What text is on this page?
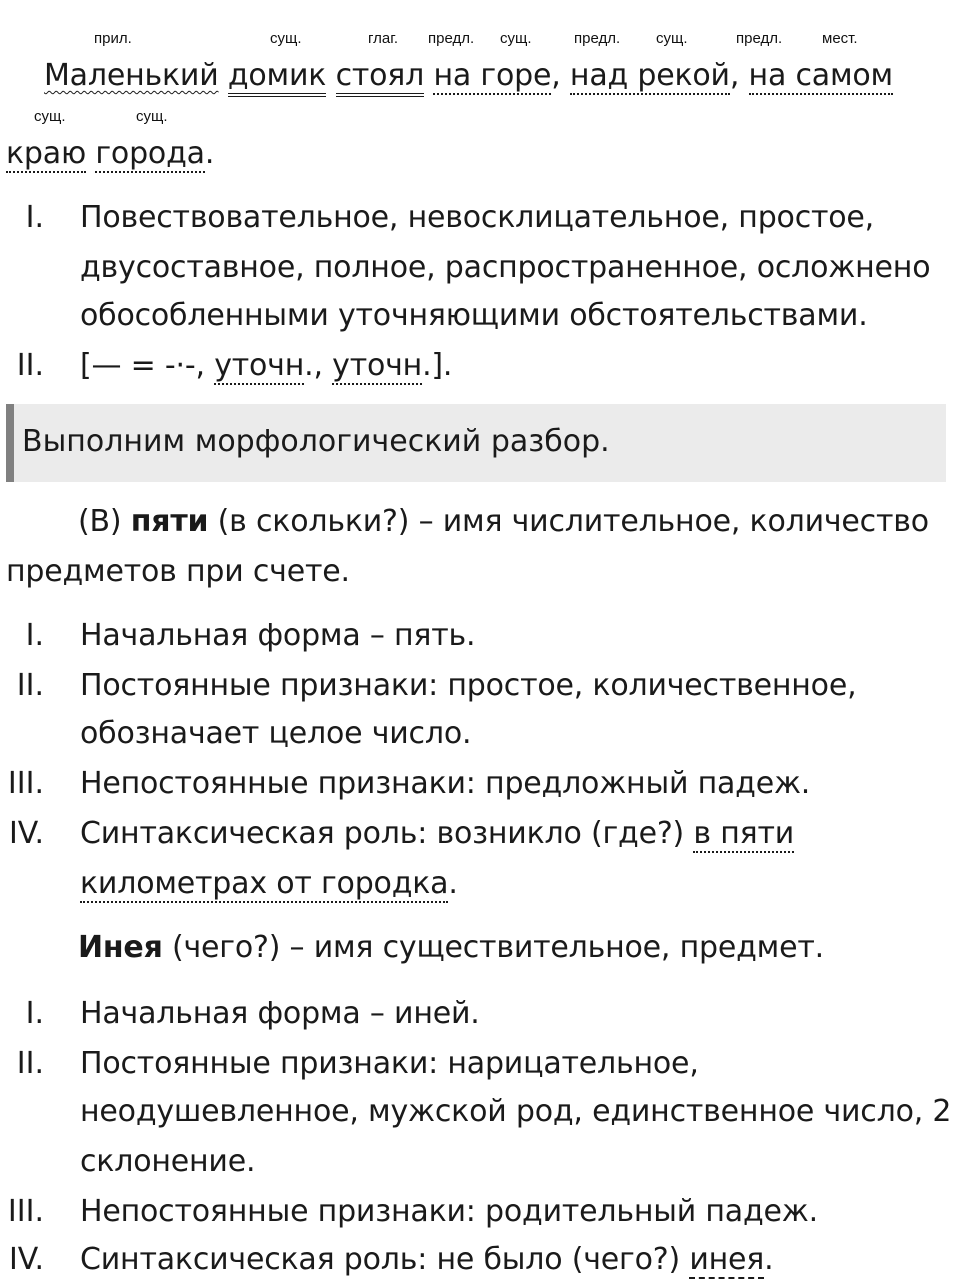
прил.	сущ.	глаг. предл. сущ.	предл. сущ.	предл.	мест.
Маленький домик стоял на горе, над рекой, на самом
сущ.	сущ.
краю города.
I. Повествовательное, невосклицательное, простое,
двусоставное, полное, распространенное, осложнено
обособленными уточняющими обстоятельствами.
II. [— = -·-, уточн., уточн.].
Выполним морфологический разбор.
(В) пяти (в скольки?) – имя числительное, количество
предметов при счете.
I. Начальная форма – пять.
II. Постоянные признаки: простое, количественное,
обозначает целое число.
III. Непостоянные признаки: предложный падеж.
IV. Синтаксическая роль: возникло (где?) в пяти
километрах от городка.
Инея (чего?) – имя существительное, предмет.
I. Начальная форма – иней.
II. Постоянные признаки: нарицательное,
неодушевленное, мужской род, единственное число, 2
склонение.
III. Непостоянные признаки: родительный падеж.
IV. Синтаксическая роль: не было (чего?) инея.
